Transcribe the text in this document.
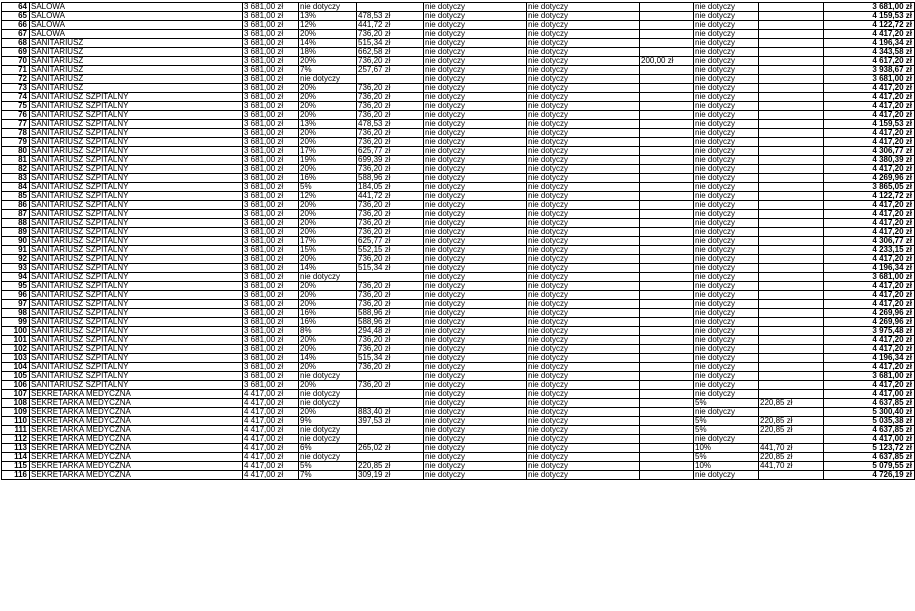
64	SALOWA	3 681,00 zł	nie dotyczy		nie dotyczy	nie dotyczy		nie dotyczy		3 681,00 zł
65	SALOWA	3 681,00 zł	13%	478,53 zł	nie dotyczy	nie dotyczy		nie dotyczy		4 159,53 zł
66	SALOWA	3 681,00 zł	12%	441,72 zł	nie dotyczy	nie dotyczy		nie dotyczy		4 122,72 zł
67	SALOWA	3 681,00 zł	20%	736,20 zł	nie dotyczy	nie dotyczy		nie dotyczy		4 417,20 zł
68	SANITARIUSZ	3 681,00 zł	14%	515,34 zł	nie dotyczy	nie dotyczy		nie dotyczy		4 196,34 zł
69	SANITARIUSZ	3 681,00 zł	18%	662,58 zł	nie dotyczy	nie dotyczy		nie dotyczy		4 343,58 zł
70	SANITARIUSZ	3 681,00 zł	20%	736,20 zł	nie dotyczy	nie dotyczy	200,00 zł	nie dotyczy		4 617,20 zł
71	SANITARIUSZ	3 681,00 zł	7%	257,67 zł	nie dotyczy	nie dotyczy		nie dotyczy		3 938,67 zł
72	SANITARIUSZ	3 681,00 zł	nie dotyczy		nie dotyczy	nie dotyczy		nie dotyczy		3 681,00 zł
73	SANITARIUSZ	3 681,00 zł	20%	736,20 zł	nie dotyczy	nie dotyczy		nie dotyczy		4 417,20 zł
74	SANITARIUSZ SZPITALNY	3 681,00 zł	20%	736,20 zł	nie dotyczy	nie dotyczy		nie dotyczy		4 417,20 zł
75	SANITARIUSZ SZPITALNY	3 681,00 zł	20%	736,20 zł	nie dotyczy	nie dotyczy		nie dotyczy		4 417,20 zł
76	SANITARIUSZ SZPITALNY	3 681,00 zł	20%	736,20 zł	nie dotyczy	nie dotyczy		nie dotyczy		4 417,20 zł
77	SANITARIUSZ SZPITALNY	3 681,00 zł	13%	478,53 zł	nie dotyczy	nie dotyczy		nie dotyczy		4 159,53 zł
78	SANITARIUSZ SZPITALNY	3 681,00 zł	20%	736,20 zł	nie dotyczy	nie dotyczy		nie dotyczy		4 417,20 zł
79	SANITARIUSZ SZPITALNY	3 681,00 zł	20%	736,20 zł	nie dotyczy	nie dotyczy		nie dotyczy		4 417,20 zł
80	SANITARIUSZ SZPITALNY	3 681,00 zł	17%	625,77 zł	nie dotyczy	nie dotyczy		nie dotyczy		4 306,77 zł
81	SANITARIUSZ SZPITALNY	3 681,00 zł	19%	699,39 zł	nie dotyczy	nie dotyczy		nie dotyczy		4 380,39 zł
82	SANITARIUSZ SZPITALNY	3 681,00 zł	20%	736,20 zł	nie dotyczy	nie dotyczy		nie dotyczy		4 417,20 zł
83	SANITARIUSZ SZPITALNY	3 681,00 zł	16%	588,96 zł	nie dotyczy	nie dotyczy		nie dotyczy		4 269,96 zł
84	SANITARIUSZ SZPITALNY	3 681,00 zł	5%	184,05 zł	nie dotyczy	nie dotyczy		nie dotyczy		3 865,05 zł
85	SANITARIUSZ SZPITALNY	3 681,00 zł	12%	441,72 zł	nie dotyczy	nie dotyczy		nie dotyczy		4 122,72 zł
86	SANITARIUSZ SZPITALNY	3 681,00 zł	20%	736,20 zł	nie dotyczy	nie dotyczy		nie dotyczy		4 417,20 zł
87	SANITARIUSZ SZPITALNY	3 681,00 zł	20%	736,20 zł	nie dotyczy	nie dotyczy		nie dotyczy		4 417,20 zł
88	SANITARIUSZ SZPITALNY	3 681,00 zł	20%	736,20 zł	nie dotyczy	nie dotyczy		nie dotyczy		4 417,20 zł
89	SANITARIUSZ SZPITALNY	3 681,00 zł	20%	736,20 zł	nie dotyczy	nie dotyczy		nie dotyczy		4 417,20 zł
90	SANITARIUSZ SZPITALNY	3 681,00 zł	17%	625,77 zł	nie dotyczy	nie dotyczy		nie dotyczy		4 306,77 zł
91	SANITARIUSZ SZPITALNY	3 681,00 zł	15%	552,15 zł	nie dotyczy	nie dotyczy		nie dotyczy		4 233,15 zł
92	SANITARIUSZ SZPITALNY	3 681,00 zł	20%	736,20 zł	nie dotyczy	nie dotyczy		nie dotyczy		4 417,20 zł
93	SANITARIUSZ SZPITALNY	3 681,00 zł	14%	515,34 zł	nie dotyczy	nie dotyczy		nie dotyczy		4 196,34 zł
94	SANITARIUSZ SZPITALNY	3 681,00 zł	nie dotyczy		nie dotyczy	nie dotyczy		nie dotyczy		3 681,00 zł
95	SANITARIUSZ SZPITALNY	3 681,00 zł	20%	736,20 zł	nie dotyczy	nie dotyczy		nie dotyczy		4 417,20 zł
96	SANITARIUSZ SZPITALNY	3 681,00 zł	20%	736,20 zł	nie dotyczy	nie dotyczy		nie dotyczy		4 417,20 zł
97	SANITARIUSZ SZPITALNY	3 681,00 zł	20%	736,20 zł	nie dotyczy	nie dotyczy		nie dotyczy		4 417,20 zł
98	SANITARIUSZ SZPITALNY	3 681,00 zł	16%	588,96 zł	nie dotyczy	nie dotyczy		nie dotyczy		4 269,96 zł
99	SANITARIUSZ SZPITALNY	3 681,00 zł	16%	588,96 zł	nie dotyczy	nie dotyczy		nie dotyczy		4 269,96 zł
100	SANITARIUSZ SZPITALNY	3 681,00 zł	8%	294,48 zł	nie dotyczy	nie dotyczy		nie dotyczy		3 975,48 zł
101	SANITARIUSZ SZPITALNY	3 681,00 zł	20%	736,20 zł	nie dotyczy	nie dotyczy		nie dotyczy		4 417,20 zł
102	SANITARIUSZ SZPITALNY	3 681,00 zł	20%	736,20 zł	nie dotyczy	nie dotyczy		nie dotyczy		4 417,20 zł
103	SANITARIUSZ SZPITALNY	3 681,00 zł	14%	515,34 zł	nie dotyczy	nie dotyczy		nie dotyczy		4 196,34 zł
104	SANITARIUSZ SZPITALNY	3 681,00 zł	20%	736,20 zł	nie dotyczy	nie dotyczy		nie dotyczy		4 417,20 zł
105	SANITARIUSZ SZPITALNY	3 681,00 zł	nie dotyczy		nie dotyczy	nie dotyczy		nie dotyczy		3 681,00 zł
106	SANITARIUSZ SZPITALNY	3 681,00 zł	20%	736,20 zł	nie dotyczy	nie dotyczy		nie dotyczy		4 417,20 zł
107	SEKRETARKA MEDYCZNA	4 417,00 zł	nie dotyczy		nie dotyczy	nie dotyczy		nie dotyczy		4 417,00 zł
108	SEKRETARKA MEDYCZNA	4 417,00 zł	nie dotyczy		nie dotyczy	nie dotyczy		5%	220,85 zł	4 637,85 zł
109	SEKRETARKA MEDYCZNA	4 417,00 zł	20%	883,40 zł	nie dotyczy	nie dotyczy		nie dotyczy		5 300,40 zł
110	SEKRETARKA MEDYCZNA	4 417,00 zł	9%	397,53 zł	nie dotyczy	nie dotyczy		5%	220,85 zł	5 035,38 zł
111	SEKRETARKA MEDYCZNA	4 417,00 zł	nie dotyczy		nie dotyczy	nie dotyczy		5%	220,85 zł	4 637,85 zł
112	SEKRETARKA MEDYCZNA	4 417,00 zł	nie dotyczy		nie dotyczy	nie dotyczy		nie dotyczy		4 417,00 zł
113	SEKRETARKA MEDYCZNA	4 417,00 zł	6%	265,02 zł	nie dotyczy	nie dotyczy		10%	441,70 zł	5 123,72 zł
114	SEKRETARKA MEDYCZNA	4 417,00 zł	nie dotyczy		nie dotyczy	nie dotyczy		5%	220,85 zł	4 637,85 zł
115	SEKRETARKA MEDYCZNA	4 417,00 zł	5%	220,85 zł	nie dotyczy	nie dotyczy		10%	441,70 zł	5 079,55 zł
116	SEKRETARKA MEDYCZNA	4 417,00 zł	7%	309,19 zł	nie dotyczy	nie dotyczy		nie dotyczy		4 726,19 zł
